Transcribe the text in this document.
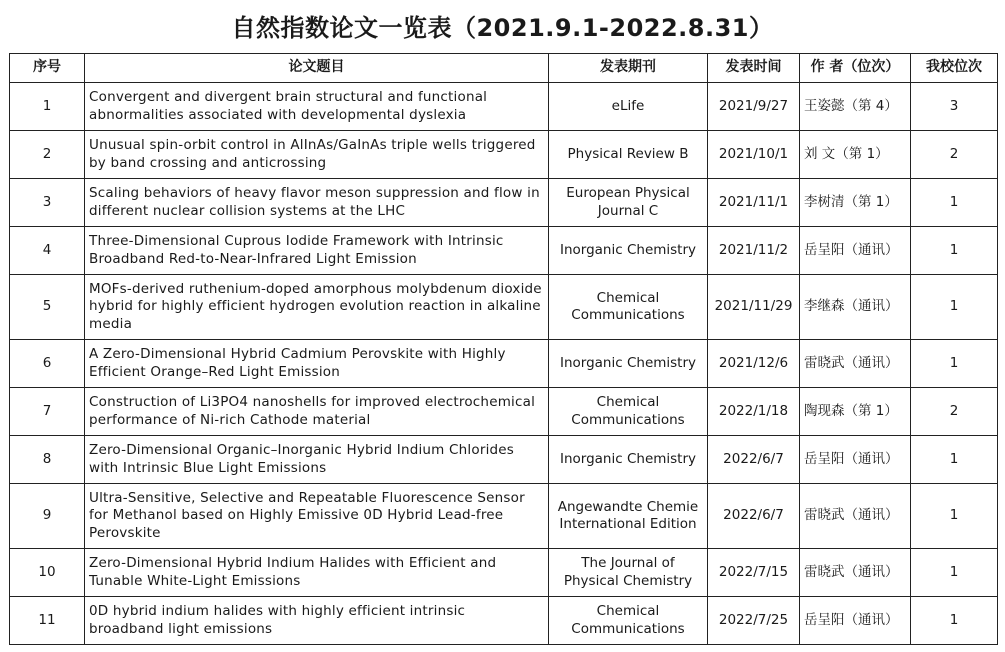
自然指数论文一览表（2021.9.1-2022.8.31）
序号	论文题目	发表期刊	发表时间	作 者（位次）	我校位次
1	Convergent and divergent brain structural and functional abnormalities associated with developmental dyslexia	eLife	2021/9/27	王姿懿（第 4）	3
2	Unusual spin-orbit control in AlInAs/GaInAs triple wells triggered by band crossing and anticrossing	Physical Review B	2021/10/1	刘 文（第 1）	2
3	Scaling behaviors of heavy flavor meson suppression and flow in different nuclear collision systems at the LHC	European Physical Journal C	2021/11/1	李树清（第 1）	1
4	Three-Dimensional Cuprous Iodide Framework with Intrinsic Broadband Red-to-Near-Infrared Light Emission	Inorganic Chemistry	2021/11/2	岳呈阳（通讯）	1
5	MOFs-derived ruthenium-doped amorphous molybdenum dioxide hybrid for highly efficient hydrogen evolution reaction in alkaline media	Chemical Communications	2021/11/29	李继森（通讯）	1
6	A Zero-Dimensional Hybrid Cadmium Perovskite with Highly Efficient Orange–Red Light Emission	Inorganic Chemistry	2021/12/6	雷晓武（通讯）	1
7	Construction of Li3PO4 nanoshells for improved electrochemical performance of Ni-rich Cathode material	Chemical Communications	2022/1/18	陶现森（第 1）	2
8	Zero-Dimensional Organic–Inorganic Hybrid Indium Chlorides with Intrinsic Blue Light Emissions	Inorganic Chemistry	2022/6/7	岳呈阳（通讯）	1
9	Ultra-Sensitive, Selective and Repeatable Fluorescence Sensor for Methanol based on Highly Emissive 0D Hybrid Lead-free Perovskite	Angewandte Chemie International Edition	2022/6/7	雷晓武（通讯）	1
10	Zero-Dimensional Hybrid Indium Halides with Efficient and Tunable White-Light Emissions	The Journal of Physical Chemistry	2022/7/15	雷晓武（通讯）	1
11	0D hybrid indium halides with highly efficient intrinsic broadband light emissions	Chemical Communications	2022/7/25	岳呈阳（通讯）	1
